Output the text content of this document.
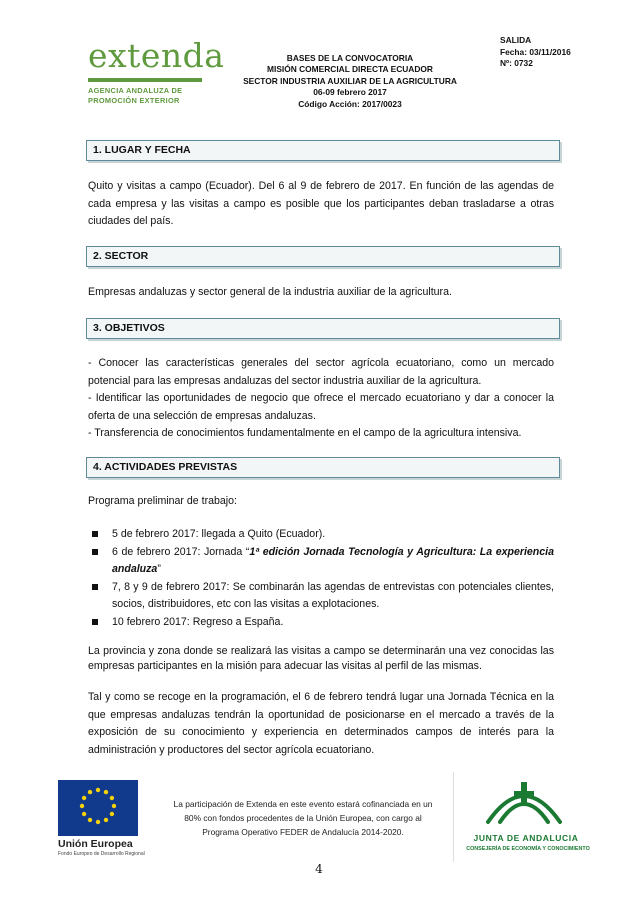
extenda
AGENCIA ANDALUZA DE
PROMOCIÓN EXTERIOR
BASES DE LA CONVOCATORIA
MISIÓN COMERCIAL DIRECTA ECUADOR
SECTOR INDUSTRIA AUXILIAR DE LA AGRICULTURA
06-09 febrero 2017
Código Acción: 2017/0023
SALIDA
Fecha: 03/11/2016
Nº: 0732
1. LUGAR Y FECHA

Quito y visitas a campo (Ecuador). Del 6 al 9 de febrero de 2017. En función de las agendas de cada empresa y las visitas a campo es posible que los participantes deban trasladarse a otras ciudades del país.

2. SECTOR

Empresas andaluzas y sector general de la industria auxiliar de la agricultura.

3. OBJETIVOS

- Conocer las características generales del sector agrícola ecuatoriano, como un mercado potencial para las empresas andaluzas del sector industria auxiliar de la agricultura.

- Identificar las oportunidades de negocio que ofrece el mercado ecuatoriano y dar a conocer la oferta de una selección de empresas andaluzas.

- Transferencia de conocimientos fundamentalmente en el campo de la agricultura intensiva.

4. ACTIVIDADES PREVISTAS

Programa preliminar de trabajo:

5 de febrero 2017: llegada a Quito (Ecuador).
6 de febrero 2017: Jornada “1ª edición Jornada Tecnología y Agricultura: La experiencia andaluza”
7, 8 y 9 de febrero 2017: Se combinarán las agendas de entrevistas con potenciales clientes, socios, distribuidores, etc con las visitas a explotaciones.
10 febrero 2017: Regreso a España.

La provincia y zona donde se realizará las visitas a campo se determinarán una vez conocidas las empresas participantes en la misión para adecuar las visitas al perfil de las mismas.

Tal y como se recoge en la programación, el 6 de febrero tendrá lugar una Jornada Técnica en la que empresas andaluzas tendrán la oportunidad de posicionarse en el mercado a través de la exposición de su conocimiento y experiencia en determinados campos de interés para la administración y productores del sector agrícola ecuatoriano.

Unión Europea
Fondo Europeo de Desarrollo Regional
La participación de Extenda en este evento estará cofinanciada en un 80% con fondos procedentes de la Unión Europea, con cargo al Programa Operativo FEDER de Andalucía 2014-2020.
JUNTA DE ANDALUCIA
CONSEJERÍA DE ECONOMÍA Y CONOCIMIENTO
4
